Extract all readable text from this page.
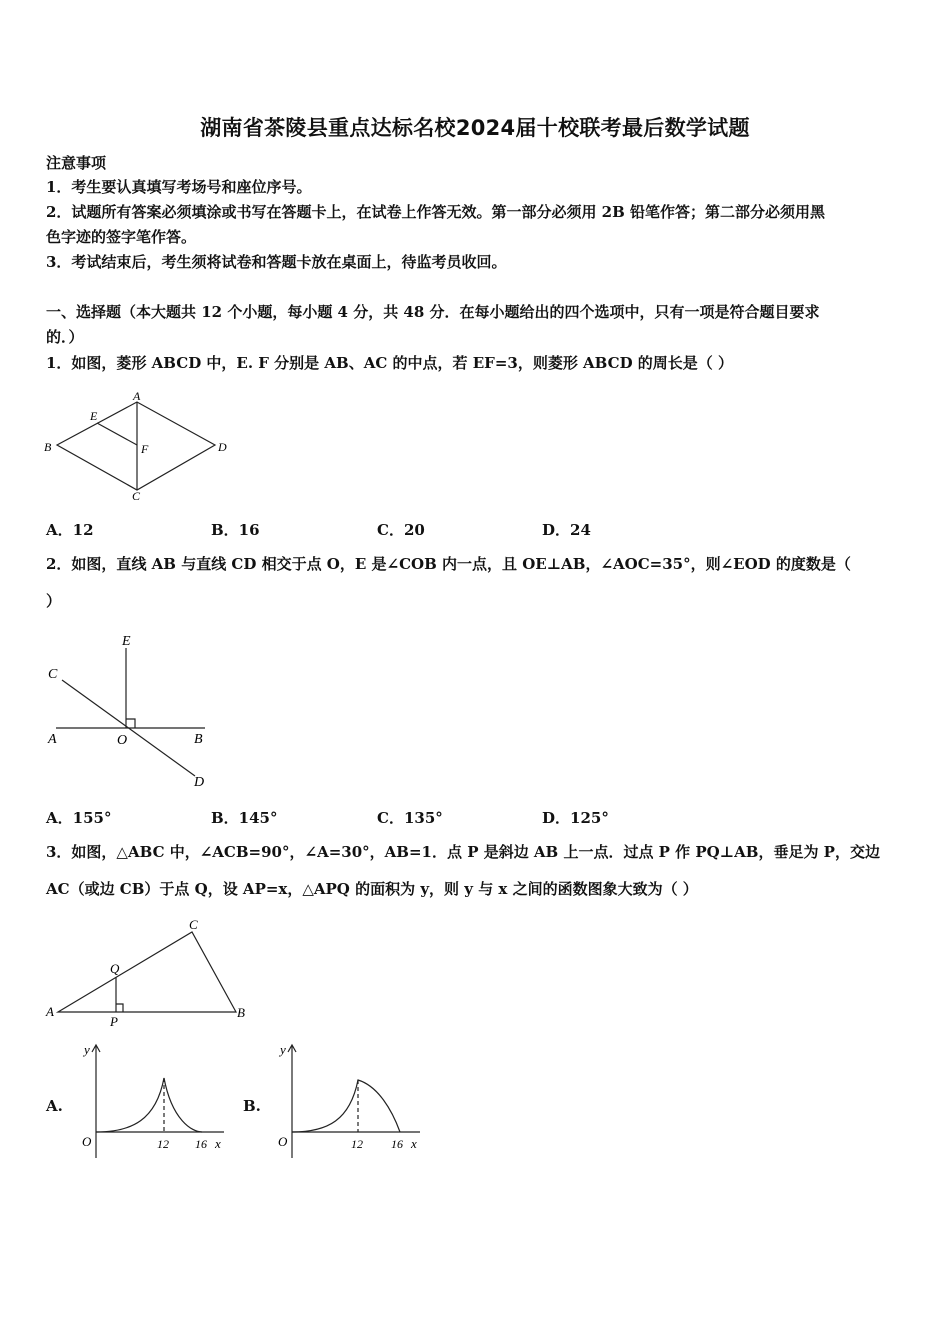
湖南省茶陵县重点达标名校2024届十校联考最后数学试题
注意事项
1．考生要认真填写考场号和座位序号。
2．试题所有答案必须填涂或书写在答题卡上，在试卷上作答无效。第一部分必须用 2B 铅笔作答；第二部分必须用黑
色字迹的签字笔作答。
3．考试结束后，考生须将试卷和答题卡放在桌面上，待监考员收回。
一、选择题（本大题共 12 个小题，每小题 4 分，共 48 分．在每小题给出的四个选项中，只有一项是符合题目要求
的．）
1．如图，菱形 ABCD 中，E. F 分别是 AB、AC 的中点，若 EF=3，则菱形 ABCD 的周长是（ ）
A
B
C
D
E
F
A．12	B．16	C．20	D．24
2．如图，直线 AB 与直线 CD 相交于点 O，E 是∠COB 内一点，且 OE⊥AB，∠AOC=35°，则∠EOD 的度数是（
）
E
C
A	O	B
D
A．155°	B．145°	C．135°	D．125°
3．如图，△ABC 中，∠ACB=90°，∠A=30°，AB=1．点 P 是斜边 AB 上一点．过点 P 作 PQ⊥AB，垂足为 P，交边
AC（或边 CB）于点 Q，设 AP=x，△APQ 的面积为 y，则 y 与 x 之间的函数图象大致为（ ）
C
A	B
Q
P
A.
y
O	12 16 x
B.
y
O	12 16 x
